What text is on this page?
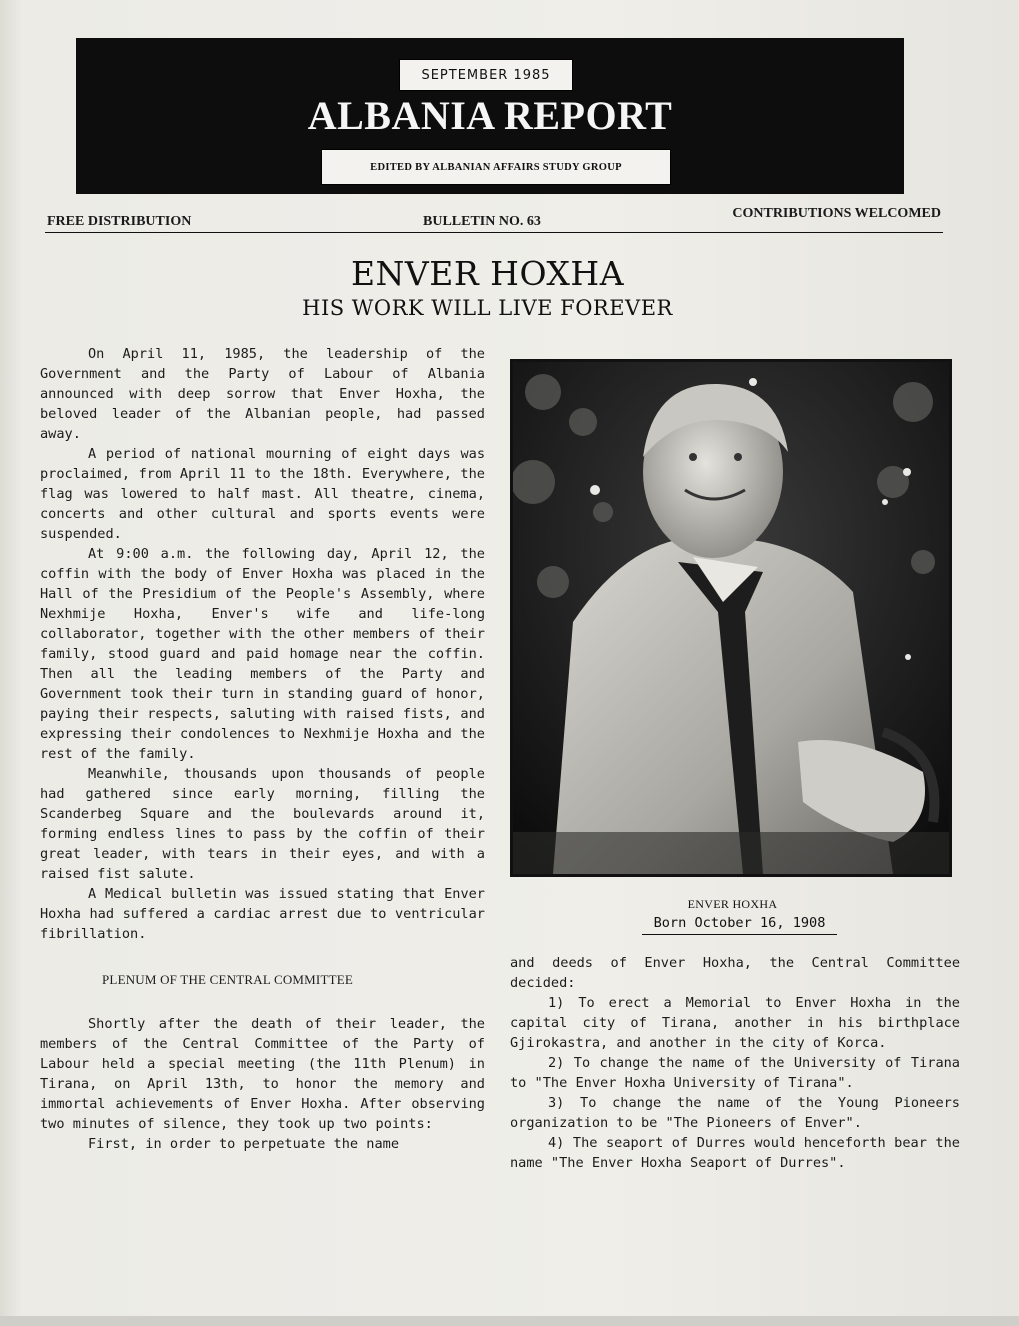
SEPTEMBER 1985
ALBANIA REPORT
EDITED BY ALBANIAN AFFAIRS STUDY GROUP
FREE DISTRIBUTION	BULLETIN NO. 63
CONTRIBUTIONS WELCOMED
ENVER HOXHA
HIS WORK WILL LIVE FOREVER

On April 11, 1985, the leadership of the Government and the Party of Labour of Albania announced with deep sorrow that Enver Hoxha, the beloved leader of the Albanian people, had passed away.

A period of national mourning of eight days was proclaimed, from April 11 to the 18th. Everywhere, the flag was lowered to half mast. All theatre, cinema, concerts and other cultural and sports events were suspended.

At 9:00 a.m. the following day, April 12, the coffin with the body of Enver Hoxha was placed in the Hall of the Presidium of the People's Assembly, where Nexhmije Hoxha, Enver's wife and life-long collaborator, together with the other members of their family, stood guard and paid homage near the coffin. Then all the leading members of the Party and Government took their turn in standing guard of honor, paying their respects, saluting with raised fists, and expressing their condolences to Nexhmije Hoxha and the rest of the family.

Meanwhile, thousands upon thousands of people had gathered since early morning, filling the Scanderbeg Square and the boulevards around it, forming endless lines to pass by the coffin of their great leader, with tears in their eyes, and with a raised fist salute.

A Medical bulletin was issued stating that Enver Hoxha had suffered a cardiac arrest due to ventricular fibrillation.

PLENUM OF THE CENTRAL COMMITTEE

Shortly after the death of their leader, the members of the Central Committee of the Party of Labour held a special meeting (the 11th Plenum) in Tirana, on April 13th, to honor the memory and immortal achievements of Enver Hoxha. After observing two minutes of silence, they took up two points:

First, in order to perpetuate the name

ENVER HOXHA
Born October 16, 1908

and deeds of Enver Hoxha, the Central Committee decided:

1) To erect a Memorial to Enver Hoxha in the capital city of Tirana, another in his birthplace Gjirokastra, and another in the city of Korca.

2) To change the name of the University of Tirana to "The Enver Hoxha University of Tirana".

3) To change the name of the Young Pioneers organization to be "The Pioneers of Enver".

4) The seaport of Durres would henceforth bear the name "The Enver Hoxha Seaport of Durres".
